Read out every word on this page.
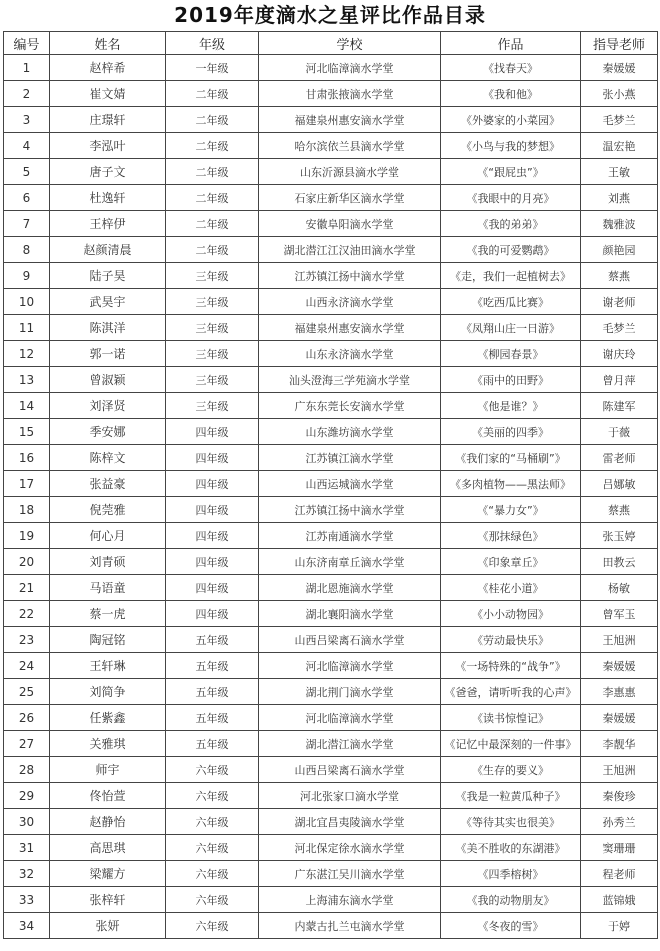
2019年度滴水之星评比作品目录
编号	姓名	年级	学校	作品	指导老师
1	赵梓希	一年级	河北临漳滴水学堂	《找春天》	秦媛媛
2	崔文婧	二年级	甘肃张掖滴水学堂	《我和他》	张小燕
3	庄璟轩	二年级	福建泉州惠安滴水学堂	《外婆家的小菜园》	毛梦兰
4	李泓叶	二年级	哈尔滨依兰县滴水学堂	《小鸟与我的梦想》	温宏艳
5	唐子文	二年级	山东沂源县滴水学堂	《“跟屁虫”》	王敏
6	杜逸轩	二年级	石家庄新华区滴水学堂	《我眼中的月亮》	刘燕
7	王梓伊	二年级	安徽阜阳滴水学堂	《我的弟弟》	魏雅波
8	赵颜清晨	二年级	湖北潜江江汉油田滴水学堂	《我的可爱鹦鹉》	颜艳园
9	陆子昊	三年级	江苏镇江扬中滴水学堂	《走，我们一起植树去》	蔡燕
10	武昊宇	三年级	山西永济滴水学堂	《吃西瓜比赛》	谢老师
11	陈淇洋	三年级	福建泉州惠安滴水学堂	《凤翔山庄一日游》	毛梦兰
12	郭一诺	三年级	山东永济滴水学堂	《柳园春景》	谢庆玲
13	曾淑颖	三年级	汕头澄海三学苑滴水学堂	《雨中的田野》	曾月萍
14	刘泽贤	三年级	广东东莞长安滴水学堂	《他是谁？》	陈建军
15	季安娜	四年级	山东潍坊滴水学堂	《美丽的四季》	于薇
16	陈梓文	四年级	江苏镇江滴水学堂	《我们家的“马桶刷”》	雷老师
17	张益豪	四年级	山西运城滴水学堂	《多肉植物——黑法师》	吕娜敏
18	倪莞雅	四年级	江苏镇江扬中滴水学堂	《“暴力女”》	蔡燕
19	何心月	四年级	江苏南通滴水学堂	《那抹绿色》	张玉婷
20	刘青硕	四年级	山东济南章丘滴水学堂	《印象章丘》	田教云
21	马语童	四年级	湖北恩施滴水学堂	《桂花小道》	杨敏
22	蔡一虎	四年级	湖北襄阳滴水学堂	《小小动物园》	曾军玉
23	陶冠铭	五年级	山西吕梁离石滴水学堂	《劳动最快乐》	王旭洲
24	王轩琳	五年级	河北临漳滴水学堂	《一场特殊的“战争”》	秦媛媛
25	刘简争	五年级	湖北荆门滴水学堂	《爸爸，请听听我的心声》	李惠惠
26	任紫鑫	五年级	河北临漳滴水学堂	《读书惊惶记》	秦媛媛
27	关雅琪	五年级	湖北潜江滴水学堂	《记忆中最深刻的一件事》	李靓华
28	师宇	六年级	山西吕梁离石滴水学堂	《生存的要义》	王旭洲
29	佟怡萱	六年级	河北张家口滴水学堂	《我是一粒黄瓜种子》	秦俊珍
30	赵静怡	六年级	湖北宜昌夷陵滴水学堂	《等待其实也很美》	孙秀兰
31	高思琪	六年级	河北保定徐水滴水学堂	《美不胜收的东湖港》	窦珊珊
32	梁耀方	六年级	广东湛江吴川滴水学堂	《四季榕树》	程老师
33	张梓轩	六年级	上海浦东滴水学堂	《我的动物朋友》	蓝锦娥
34	张妍	六年级	内蒙古扎兰屯滴水学堂	《冬夜的雪》	于婷
